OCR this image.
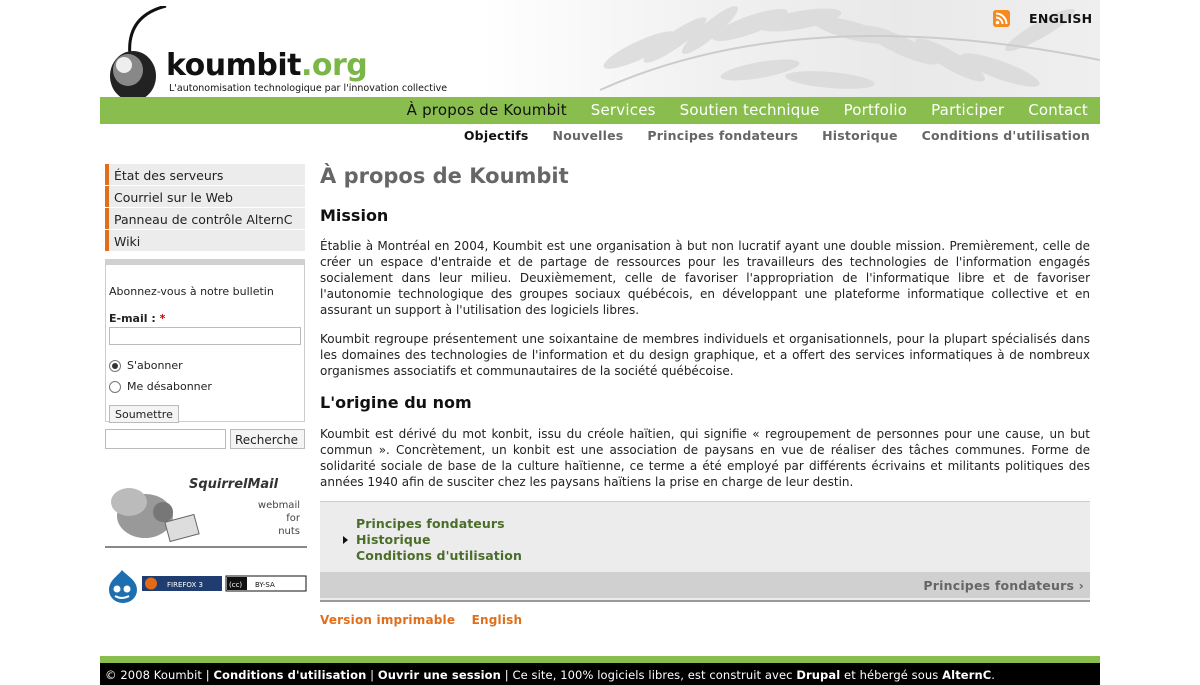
koumbit.org
L'autonomisation technologique par l'innovation collective
ENGLISH
À propos de Koumbit	Services	Soutien technique	Portfolio	Participer	Contact
Objectifs Nouvelles Principes fondateurs Historique Conditions d'utilisation
État des serveurs
Courriel sur le Web
Panneau de contrôle AlternC
Wiki
Abonnez-vous à notre bulletin
E-mail : *
S'abonner
Me désabonner
Soumettre
Recherche
SquirrelMail
webmail
for
nuts
FIREFOX 3	(cc) BY-SA
À propos de Koumbit
Mission

Établie à Montréal en 2004, Koumbit est une organisation à but non lucratif ayant une double mission. Premièrement, celle de créer un espace d'entraide et de partage de ressources pour les travailleurs des technologies de l'information engagés socialement dans leur milieu. Deuxièmement, celle de favoriser l'appropriation de l'informatique libre et de favoriser l'autonomie technologique des groupes sociaux québécois, en développant une plateforme informatique collective et en assurant un support à l'utilisation des logiciels libres.

Koumbit regroupe présentement une soixantaine de membres individuels et organisationnels, pour la plupart spécialisés dans les domaines des technologies de l'information et du design graphique, et a offert des services informatiques à de nombreux organismes associatifs et communautaires de la société québécoise.

L'origine du nom

Koumbit est dérivé du mot konbit, issu du créole haïtien, qui signifie « regroupement de personnes pour une cause, un but commun ». Concrètement, un konbit est une association de paysans en vue de réaliser des tâches communes. Forme de solidarité sociale de base de la culture haïtienne, ce terme a été employé par différents écrivains et militants politiques des années 1940 afin de susciter chez les paysans haïtiens la prise en charge de leur destin.

Principes fondateurs
Historique
Conditions d'utilisation
Principes fondateurs ›
Version imprimable English
© 2008 Koumbit | Conditions d'utilisation | Ouvrir une session | Ce site, 100% logiciels libres, est construit avec Drupal et hébergé sous AlternC.
